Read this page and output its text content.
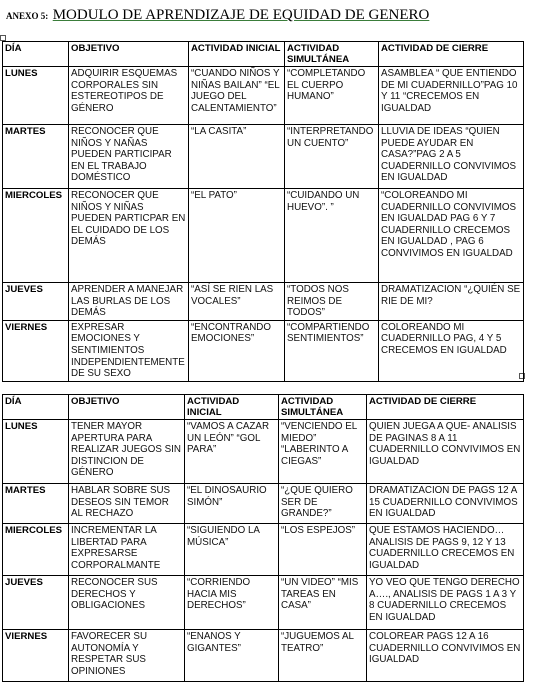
ANEXO 5: MODULO DE APRENDIZAJE DE EQUIDAD DE GENERO
DÍA	OBJETIVO	ACTIVIDAD INICIAL	ACTIVIDAD SIMULTÁNEA	ACTIVIDAD DE CIERRE
LUNES	ADQUIRIR ESQUEMAS CORPORALES SIN ESTEREOTIPOS DE GÉNERO	“CUANDO NIÑOS Y NIÑAS BAILAN” “EL JUEGO DEL CALENTAMIENTO”	“COMPLETANDO EL CUERPO HUMANO”	ASAMBLEA “ QUE ENTIENDO DE MI CUADERNILLO”PAG 10 Y 11 “CRECEMOS EN IGUALDAD
MARTES	RECONOCER QUE NIÑOS Y NAÑAS PUEDEN PARTICIPAR EN EL TRABAJO DOMÉSTICO	“LA CASITA”	“INTERPRETANDO UN CUENTO”	LLUVIA DE IDEAS “QUIEN PUEDE AYUDAR EN CASA?”PAG 2 A 5 CUADERNILLO CONVIVIMOS EN IGUALDAD
MIERCOLES	RECONOCER QUE NIÑOS Y NIÑAS PUEDEN PARTICPAR EN EL CUIDADO DE LOS DEMÁS	“EL PATO”	“CUIDANDO UN HUEVO”. ”	“COLOREANDO MI CUADERNILLO CONVIVIMOS EN IGUALDAD PAG 6 Y 7 CUADERNILLO CRECEMOS EN IGUALDAD , PAG 6 CONVIVIMOS EN IGUALDAD
JUEVES	APRENDER A MANEJAR LAS BURLAS DE LOS DEMÁS	“ASÍ SE RIEN LAS VOCALES”	“TODOS NOS REIMOS DE TODOS”	DRAMATIZACION “¿QUIÉN SE RIE DE MI?
VIERNES	EXPRESAR EMOCIONES Y SENTIMIENTOS INDEPENDIENTEMENTE DE SU SEXO	“ENCONTRANDO EMOCIONES”	“COMPARTIENDO SENTIMIENTOS”	COLOREANDO MI CUADERNILLO PAG, 4 Y 5 CRECEMOS EN IGUALDAD
DÍA	OBJETIVO	ACTIVIDAD INICIAL	ACTIVIDAD SIMULTÁNEA	ACTIVIDAD DE CIERRE
LUNES	TENER MAYOR APERTURA PARA REALIZAR JUEGOS SIN DISTINCION DE GÉNERO	“VAMOS A CAZAR UN LEÓN” “GOL PARA”	“VENCIENDO EL MIEDO” “LABERINTO A CIEGAS”	QUIEN JUEGA A QUE- ANALISIS DE PAGINAS 8 A 11 CUADERNILLO CONVIVIMOS EN IGUALDAD
MARTES	HABLAR SOBRE SUS DESEOS SIN TEMOR AL RECHAZO	“EL DINOSAURIO SIMÓN”	“¿QUE QUIERO SER DE GRANDE?”	DRAMATIZACION DE PAGS 12 A 15 CUADERNILLO CONVIVIMOS EN IGUALDAD
MIERCOLES	INCREMENTAR LA LIBERTAD PARA EXPRESARSE CORPORALMANTE	“SIGUIENDO LA MÚSICA”	“LOS ESPEJOS”	QUE ESTAMOS HACIENDO… ANALISIS DE PAGS 9, 12 Y 13 CUADERNILLO CRECEMOS EN IGUALDAD
JUEVES	RECONOCER SUS DERECHOS Y OBLIGACIONES	“CORRIENDO HACIA MIS DERECHOS”	“UN VIDEO” “MIS TAREAS EN CASA”	YO VEO QUE TENGO DERECHO A…., ANALISIS DE PAGS 1 A 3 Y 8 CUADERNILLO CRECEMOS EN IGUALDAD
VIERNES	FAVORECER SU AUTONOMÍA Y RESPETAR SUS OPINIONES	“ENANOS Y GIGANTES”	“JUGUEMOS AL TEATRO”	COLOREAR PAGS 12 A 16 CUADERNILLO CONVIVIMOS EN IGUALDAD
